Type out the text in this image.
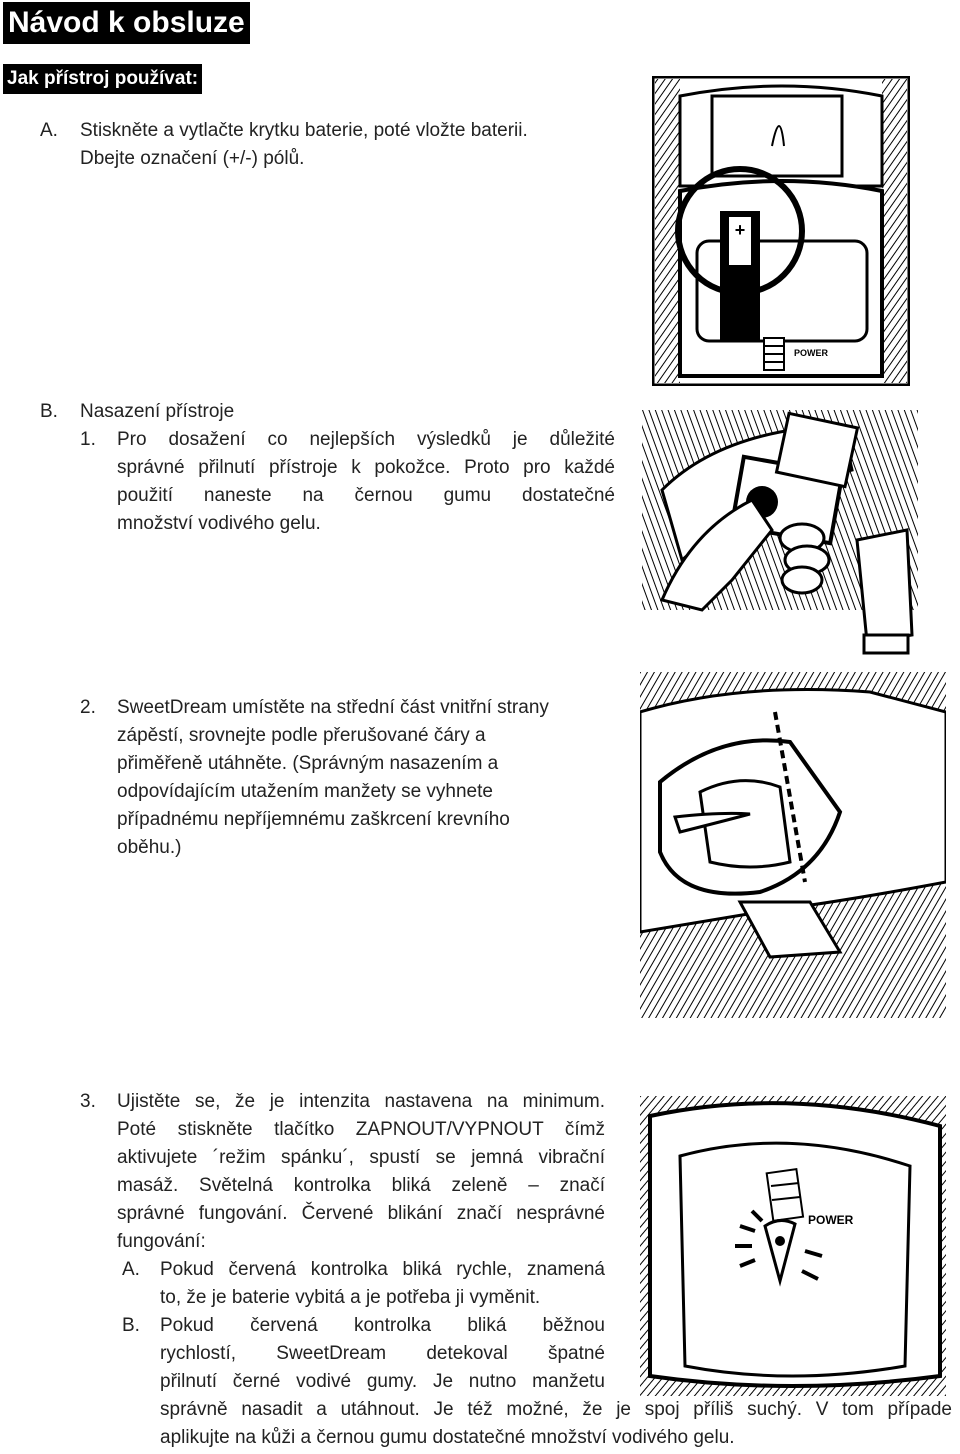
Návod k obsluze
Jak přístroj používat:
A. Stiskněte a vytlačte krytku baterie, poté vložte baterii.

Dbejte označení (+/-) pólů.

B. Nasazení přístroje

1. Pro dosažení co nejlepších výsledků je důležité

správné přilnutí přístroje k pokožce. Proto pro každé

použití naneste na černou gumu dostatečné

množství vodivého gelu.

2. SweetDream umístěte na střední část vnitřní strany

zápěstí, srovnejte podle přerušované čáry a

přiměřeně utáhněte. (Správným nasazením a

odpovídajícím utažením manžety se vyhnete

případnému nepříjemnému zaškrcení krevního

oběhu.)

3. Ujistěte se, že je intenzita nastavena na minimum.

Poté stiskněte tlačítko ZAPNOUT/VYPNOUT čímž

aktivujete ´režim spánku´, spustí se jemná vibrační

masáž. Světelná kontrolka bliká zeleně – značí

správné fungování. Červené blikání značí nesprávné

fungování:

A. Pokud červená kontrolka bliká rychle, znamená

to, že je baterie vybitá a je potřeba ji vyměnit.

B. Pokud červená kontrolka bliká běžnou

rychlostí, SweetDream detekoval špatné

přilnutí černé vodivé gumy. Je nutno manžetu

správně nasadit a utáhnout. Je též možné, že je spoj příliš suchý. V tom případe

aplikujte na kůži a černou gumu dostatečné množství vodivého gelu.

+
POWER
POWER
